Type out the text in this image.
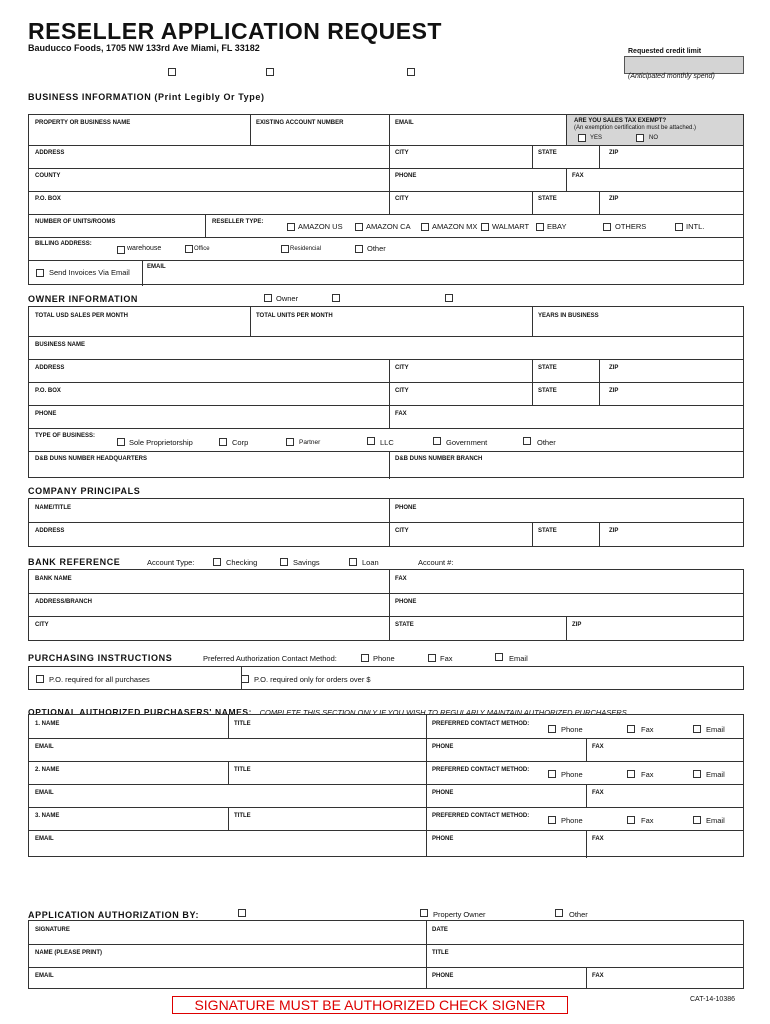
RESELLER APPLICATION REQUEST
Bauducco Foods, 1705 NW 133rd Ave Miami, FL 33182	Requested credit limit
(Anticipated monthly spend)
BUSINESS INFORMATION (Print Legibly Or Type)
PROPERTY OR BUSINESS NAME	EXISTING ACCOUNT NUMBER	EMAIL	ARE YOU SALES TAX EXEMPT?
(An exemption certification must be attached.)
YES	NO
ADDRESS	CITY	STATE	ZIP
COUNTY	PHONE	FAX
P.O. BOX	CITY	STATE	ZIP
NUMBER OF UNITS/ROOMS	RESELLER TYPE:	AMAZON US	AMAZON CA	AMAZON MX WALMART EBAY	OTHERS	INTL.
BILLING ADDRESS:
warehouse	Office	Residencial	Other
Send Invoices Via Email
EMAIL
OWNER INFORMATION	Owner
TOTAL USD SALES PER MONTH	TOTAL UNITS PER MONTH	YEARS IN BUSINESS
BUSINESS NAME
ADDRESS	CITY	STATE	ZIP
P.O. BOX	CITY	STATE	ZIP
PHONE	FAX
TYPE OF BUSINESS:
Sole Proprietorship	Corp	Partner	LLC	Government	Other
D&B DUNS NUMBER HEADQUARTERS	D&B DUNS NUMBER BRANCH
COMPANY PRINCIPALS
NAME/TITLE	PHONE
ADDRESS	CITY	STATE	ZIP
BANK REFERENCE	Account Type:	Checking	Savings	Loan	Account #:
BANK NAME	FAX
ADDRESS/BRANCH	PHONE
CITY	STATE	ZIP
PURCHASING INSTRUCTIONS	Preferred Authorization Contact Method:	Phone	Fax	Email
P.O. required for all purchases	P.O. required only for orders over $
OPTIONAL AUTHORIZED PURCHASERS' NAMES: COMPLETE THIS SECTION ONLY IF YOU WISH TO REGULARLY MAINTAIN AUTHORIZED PURCHASERS.
1. NAME	TITLE	PREFERRED CONTACT METHOD:
Phone	Fax	Email
EMAIL	PHONE	FAX
2. NAME	TITLE	PREFERRED CONTACT METHOD:	Phone	Fax	Email
EMAIL	PHONE	FAX
3. NAME	TITLE	PREFERRED CONTACT METHOD:	Phone	Fax	Email
EMAIL	PHONE	FAX
APPLICATION AUTHORIZATION BY:	Property Owner	Other
SIGNATURE	DATE
NAME (PLEASE PRINT)	TITLE
EMAIL	PHONE	FAX
SIGNATURE MUST BE AUTHORIZED CHECK SIGNER	CAT-14-10386
